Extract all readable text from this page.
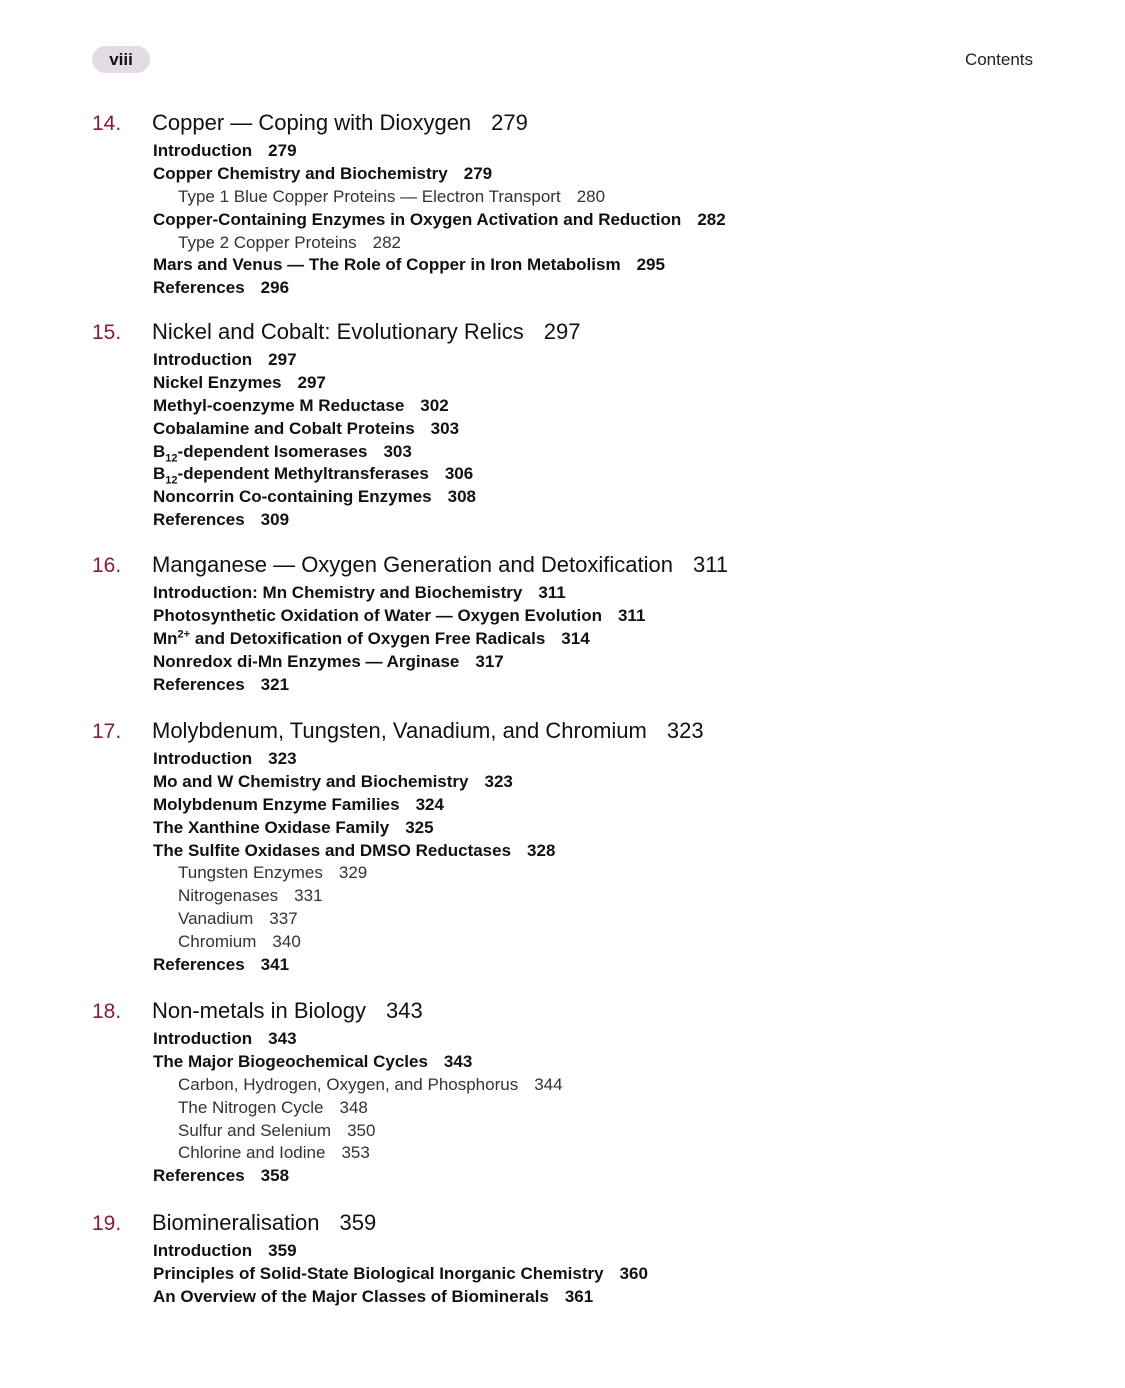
viii	Contents
14.	Copper — Coping with Dioxygen 279
Introduction 279
Copper Chemistry and Biochemistry 279
Type 1 Blue Copper Proteins — Electron Transport 280
Copper-Containing Enzymes in Oxygen Activation and Reduction 282
Type 2 Copper Proteins 282
Mars and Venus — The Role of Copper in Iron Metabolism 295
References 296
15.	Nickel and Cobalt: Evolutionary Relics 297
Introduction 297
Nickel Enzymes 297
Methyl-coenzyme M Reductase 302
Cobalamine and Cobalt Proteins 303
$B_{12}$-dependent Isomerases 303
$B_{12}$-dependent Methyltransferases 306
Noncorrin Co-containing Enzymes 308
References 309
16.	Manganese — Oxygen Generation and Detoxification 311
Introduction: Mn Chemistry and Biochemistry 311
Photosynthetic Oxidation of Water — Oxygen Evolution 311
$Mn^{2+}$ and Detoxification of Oxygen Free Radicals 314
Nonredox di-Mn Enzymes — Arginase 317
References 321
17.	Molybdenum, Tungsten, Vanadium, and Chromium 323
Introduction 323
Mo and W Chemistry and Biochemistry 323
Molybdenum Enzyme Families 324
The Xanthine Oxidase Family 325
The Sulfite Oxidases and DMSO Reductases 328
Tungsten Enzymes 329
Nitrogenases 331
Vanadium 337
Chromium 340
References 341
18.	Non-metals in Biology 343
Introduction 343
The Major Biogeochemical Cycles 343
Carbon, Hydrogen, Oxygen, and Phosphorus 344
The Nitrogen Cycle 348
Sulfur and Selenium 350
Chlorine and Iodine 353
References 358
19.	Biomineralisation 359
Introduction 359
Principles of Solid-State Biological Inorganic Chemistry 360
An Overview of the Major Classes of Biominerals 361
